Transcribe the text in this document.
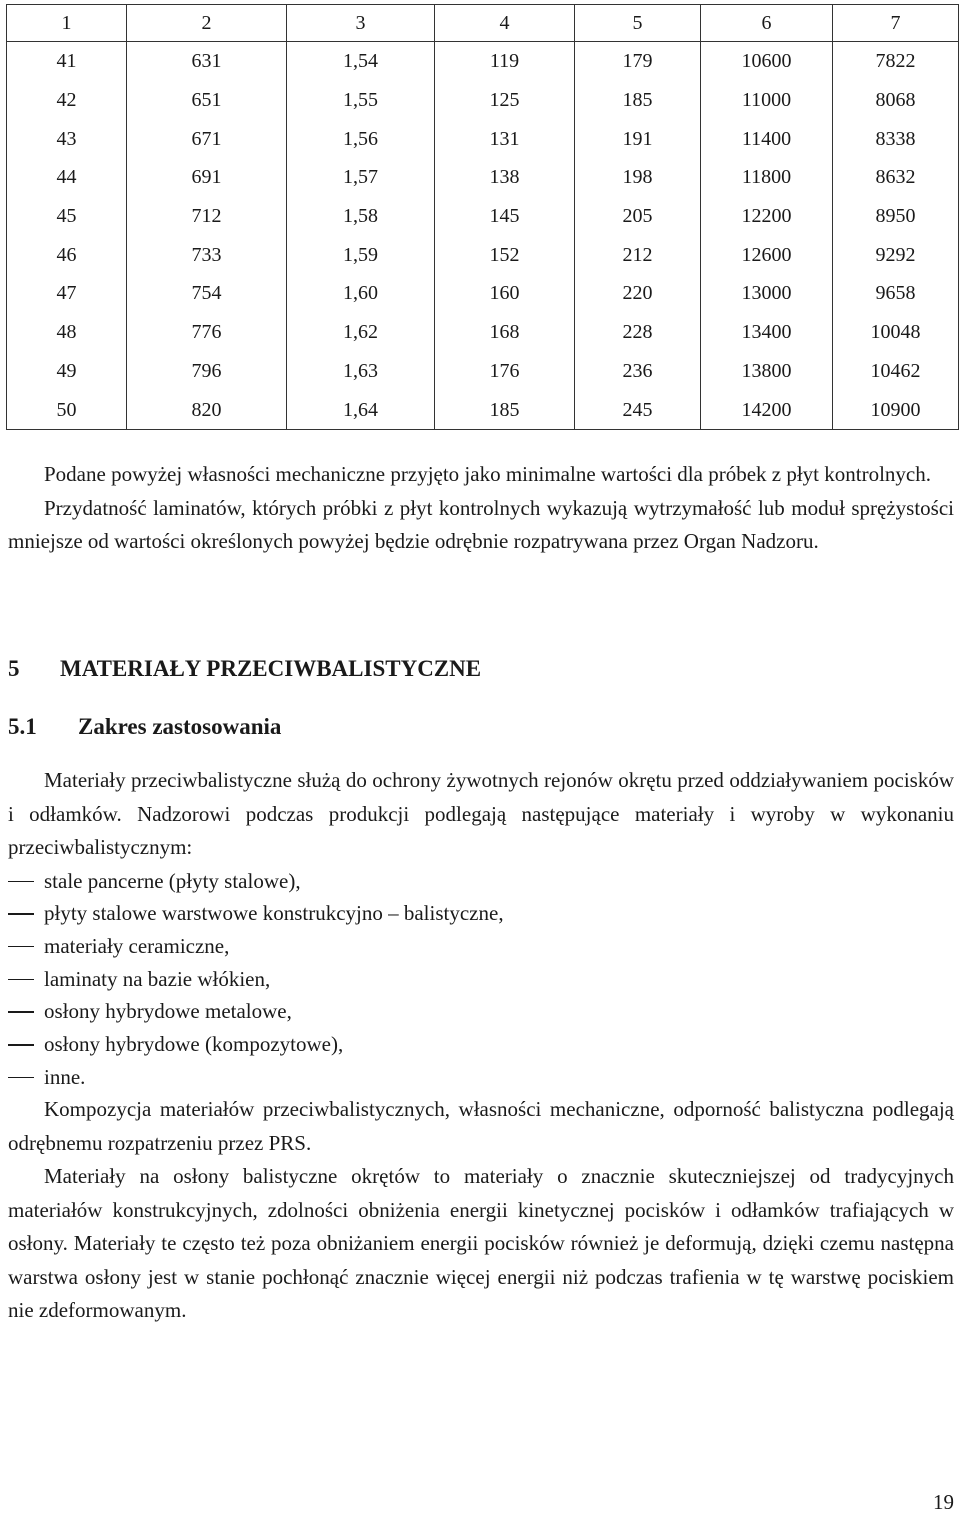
1	2	3	4	5	6	7
41	631	1,54	119	179	10600	7822
42	651	1,55	125	185	11000	8068
43	671	1,56	131	191	11400	8338
44	691	1,57	138	198	11800	8632
45	712	1,58	145	205	12200	8950
46	733	1,59	152	212	12600	9292
47	754	1,60	160	220	13000	9658
48	776	1,62	168	228	13400	10048
49	796	1,63	176	236	13800	10462
50	820	1,64	185	245	14200	10900

Podane powyżej własności mechaniczne przyjęto jako minimalne wartości dla próbek z płyt kontrolnych.

Przydatność laminatów, których próbki z płyt kontrolnych wykazują wytrzymałość lub moduł sprężystości mniejsze od wartości określonych powyżej będzie odrębnie rozpatrywana przez Organ Nadzoru.

5 MATERIAŁY PRZECIWBALISTYCZNE
5.1 Zakres zastosowania

Materiały przeciwbalistyczne służą do ochrony żywotnych rejonów okrętu przed oddziaływaniem pocisków i odłamków. Nadzorowi podczas produkcji podlegają następujące materiały i wyroby w wykonaniu przeciwbalistycznym:

stale pancerne (płyty stalowe),
płyty stalowe warstwowe konstrukcyjno – balistyczne,
materiały ceramiczne,
laminaty na bazie włókien,
osłony hybrydowe metalowe,
osłony hybrydowe (kompozytowe),
inne.

Kompozycja materiałów przeciwbalistycznych, własności mechaniczne, odporność balistyczna podlegają odrębnemu rozpatrzeniu przez PRS.

Materiały na osłony balistyczne okrętów to materiały o znacznie skuteczniejszej od tradycyjnych materiałów konstrukcyjnych, zdolności obniżenia energii kinetycznej pocisków i odłamków trafiających w osłony. Materiały te często też poza obniżaniem energii pocisków również je deformują, dzięki czemu następna warstwa osłony jest w stanie pochłonąć znacznie więcej energii niż podczas trafienia w tę warstwę pociskiem nie zdeformowanym.

19
